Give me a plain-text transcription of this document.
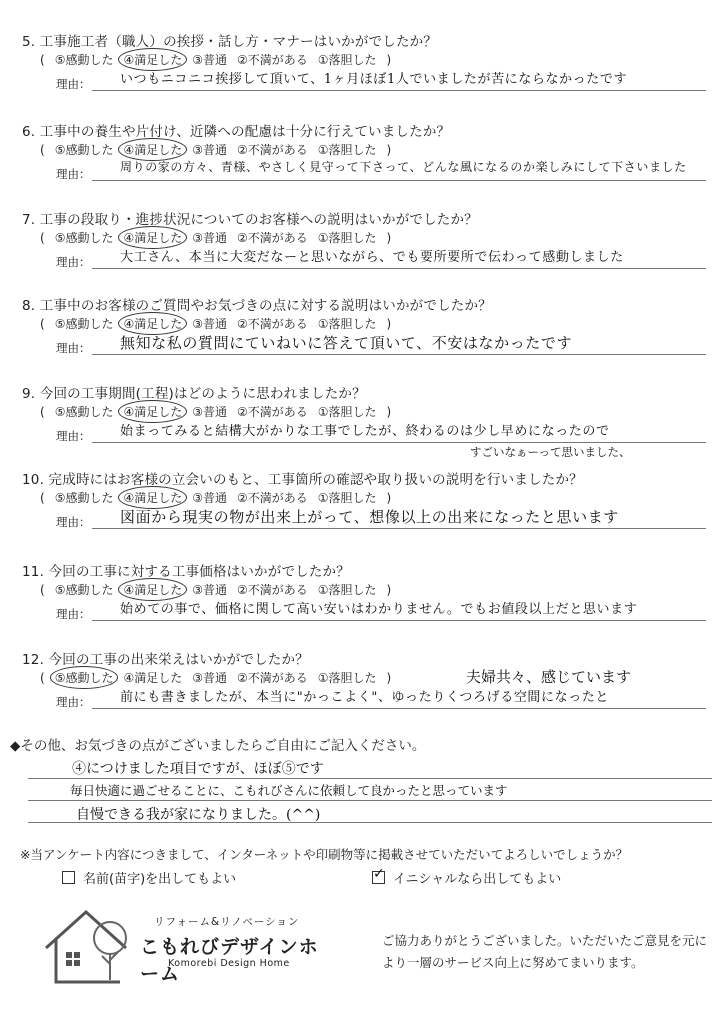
5. 工事施工者（職人）の挨拶・話し方・マナーはいかがでしたか？
( ⑤感動した ④満足した ③普通 ②不満がある ①落胆した )
理由： いつもニコニコ挨拶して頂いて、1ヶ月ほぼ1人でいましたが苦にならなかったです
6. 工事中の養生や片付け、近隣への配慮は十分に行えていましたか？
( ⑤感動した ④満足した ③普通 ②不満がある ①落胆した )
理由： 周りの家の方々、青様、やさしく見守って下さって、どんな風になるのか楽しみにして下さいました
7. 工事の段取り・進捗状況についてのお客様への説明はいかがでしたか？
( ⑤感動した ④満足した ③普通 ②不満がある ①落胆した )
理由： 大工さん、本当に大変だなーと思いながら、でも要所要所で伝わって感動しました
8. 工事中のお客様のご質問やお気づきの点に対する説明はいかがでしたか？
( ⑤感動した ④満足した ③普通 ②不満がある ①落胆した )
理由： 無知な私の質問にていねいに答えて頂いて、不安はなかったです
9. 今回の工事期間(工程)はどのように思われましたか？
( ⑤感動した ④満足した ③普通 ②不満がある ①落胆した )
理由： 始まってみると結構大がかりな工事でしたが、終わるのは少し早めになったので
すごいなぁーって思いました、
10. 完成時にはお客様の立会いのもと、工事箇所の確認や取り扱いの説明を行いましたか？
( ⑤感動した ④満足した ③普通 ②不満がある ①落胆した )
理由： 図面から現実の物が出来上がって、想像以上の出来になったと思います
11. 今回の工事に対する工事価格はいかがでしたか？
( ⑤感動した ④満足した ③普通 ②不満がある ①落胆した )
理由： 始めての事で、価格に関して高い安いはわかりません。でもお値段以上だと思います
12. 今回の工事の出来栄えはいかがでしたか？
( ⑤感動した ④満足した ③普通 ②不満がある ①落胆した )
理由： 前にも書きましたが、本当に"かっこよく"、ゆったりくつろげる空間になったと
夫婦共々、感じています
◆その他、お気づきの点がございましたらご自由にご記入ください。
④につけました項目ですが、ほぼ⑤です
毎日快適に過ごせることに、こもれびさんに依頼して良かったと思っています
自慢できる我が家になりました。(^^)
※当アンケート内容につきまして、インターネットや印刷物等に掲載させていただいてよろしいでしょうか？
名前(苗字)を出してもよい
✓	イニシャルなら出してもよい
リフォーム&リノベーション
こもれびデザインホーム
Komorebi Design Home
ご協力ありがとうございました。いただいたご意見を元に
より一層のサービス向上に努めてまいります。
